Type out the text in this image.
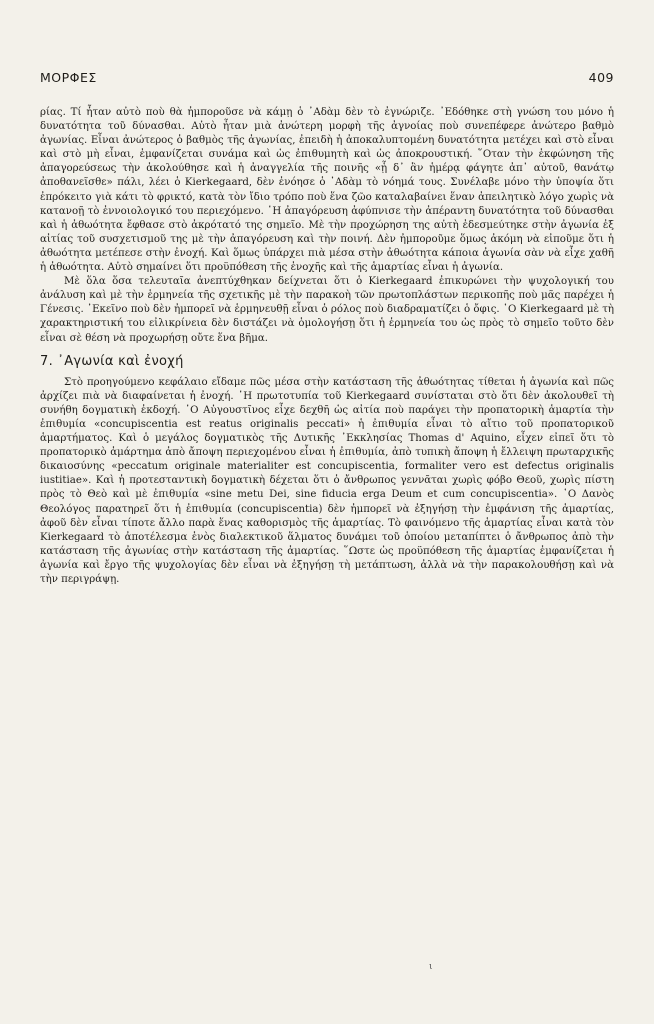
ΜΟΡΦΕΣ	409

ρίας. Τί ἦταν αὐτὸ ποὺ θὰ ἠμποροῦσε νὰ κάμῃ ὁ ᾿Αδὰμ δὲν τὸ ἐγνώριζε. ᾿Εδόθηκε στὴ γνώση του μόνο ἡ δυνατότητα τοῦ δύνασθαι. Αὐτὸ ἦταν μιὰ ἀνώτερη μορφὴ τῆς ἀγνοίας ποὺ συνεπέφερε ἀνώτερο βαθμὸ ἀγωνίας. Εἶναι ἀνώτερος ὁ βαθμὸς τῆς ἀγωνίας, ἐπειδὴ ἡ ἀποκαλυπτομένη δυνατότητα μετέχει καὶ στὸ εἶναι καὶ στὸ μὴ εἶναι, ἐμφανίζεται συνάμα καὶ ὡς ἐπιθυμητὴ καὶ ὡς ἀποκρουστική. ῞Οταν τὴν ἐκφώνηση τῆς ἀπαγορεύσεως τὴν ἀκολούθησε καὶ ἡ ἀναγγελία τῆς ποινῆς «ᾗ δ᾿ ἂν ἡμέρᾳ φάγητε ἀπ᾿ αὐτοῦ, θανάτῳ ἀποθανεῖσθε» πάλι, λέει ὁ Kierkegaard, δὲν ἐνόησε ὁ ᾿Αδὰμ τὸ νόημά τους. Συνέλαβε μόνο τὴν ὑποψία ὅτι ἐπρόκειτο γιὰ κάτι τὸ φρικτό, κατὰ τὸν ἴδιο τρόπο ποὺ ἕνα ζῶο καταλαβαίνει ἕναν ἀπειλητικὸ λόγο χωρὶς νὰ κατανοῇ τὸ ἐννοιολογικό του περιεχόμενο. ῾Η ἀπαγόρευση ἀφύπνισε τὴν ἀπέραντη δυνατότητα τοῦ δύνασθαι καὶ ἡ ἀθωότητα ἔφθασε στὸ ἀκρότατό της σημεῖο. Μὲ τὴν προχώρηση της αὐτὴ ἐδεσμεύτηκε στὴν ἀγωνία ἐξ αἰτίας τοῦ συσχετισμοῦ της μὲ τὴν ἀπαγόρευση καὶ τὴν ποινή. Δὲν ἠμποροῦμε ὅμως ἀκόμη νὰ εἰποῦμε ὅτι ἡ ἀθωότητα μετέπεσε στὴν ἐνοχή. Καὶ ὅμως ὑπάρχει πιὰ μέσα στὴν ἀθωότητα κάποια ἀγωνία σὰν νὰ εἶχε χαθῆ ἡ ἀθωότητα. Αὐτὸ σημαίνει ὅτι προϋπόθεση τῆς ἐνοχῆς καὶ τῆς ἁμαρτίας εἶναι ἡ ἀγωνία.

Μὲ ὅλα ὅσα τελευταῖα ἀνεπτύχθηκαν δείχνεται ὅτι ὁ Kierkegaard ἐπικυρώνει τὴν ψυχολογική του ἀνάλυση καὶ μὲ τὴν ἑρμηνεία τῆς σχετικῆς μὲ τὴν παρακοὴ τῶν πρωτοπλάστων περικοπῆς ποὺ μᾶς παρέχει ἡ Γένεσις. ᾿Εκεῖνο ποὺ δὲν ἠμπορεῖ νὰ ἑρμηνευθῇ εἶναι ὁ ρόλος ποὺ διαδραματίζει ὁ ὄφις. ῾Ο Kierkegaard μὲ τὴ χαρακτηριστική του εἰλικρίνεια δὲν διστάζει νὰ ὁμολογήσῃ ὅτι ἡ ἑρμηνεία του ὡς πρὸς τὸ σημεῖο τοῦτο δὲν εἶναι σὲ θέση νὰ προχωρήσῃ οὔτε ἕνα βῆμα.

7. ᾿Αγωνία καὶ ἐνοχή

Στὸ προηγούμενο κεφάλαιο εἴδαμε πῶς μέσα στὴν κατάσταση τῆς ἀθωότητας τίθεται ἡ ἀγωνία καὶ πῶς ἀρχίζει πιὰ νὰ διαφαίνεται ἡ ἐνοχή. ῾Η πρωτοτυπία τοῦ Kierkegaard συνίσταται στὸ ὅτι δὲν ἀκολουθεῖ τὴ συνήθη δογματικὴ ἐκδοχή. ῾Ο Αὐγουστῖνος εἶχε δεχθῆ ὡς αἰτία ποὺ παράγει τὴν προπατορικὴ ἁμαρτία τὴν ἐπιθυμία «concupiscentia est reatus originalis peccati» ἡ ἐπιθυμία εἶναι τὸ αἴτιο τοῦ προπατορικοῦ ἁμαρτήματος. Καὶ ὁ μεγάλος δογματικὸς τῆς Δυτικῆς ᾿Εκκλησίας Thomas d' Aquino, εἶχεν εἰπεῖ ὅτι τὸ προπατορικὸ ἁμάρτημα ἀπὸ ἄποψη περιεχομένου εἶναι ἡ ἐπιθυμία, ἀπὸ τυπικὴ ἄποψη ἡ ἔλλειψη πρωταρχικῆς δικαιοσύνης «peccatum originale materialiter est concupiscentia, formaliter vero est defectus originalis iustitiae». Καὶ ἡ προτεσταντικὴ δογματικὴ δέχεται ὅτι ὁ ἄνθρωπος γεννᾶται χωρὶς φόβο Θεοῦ, χωρὶς πίστη πρὸς τὸ Θεὸ καὶ μὲ ἐπιθυμία «sine metu Dei, sine fiducia erga Deum et cum concupiscentia». ῾Ο Δανὸς Θεολόγος παρατηρεῖ ὅτι ἡ ἐπιθυμία (concupiscentia) δὲν ἠμπορεῖ νὰ ἐξηγήσῃ τὴν ἐμφάνιση τῆς ἁμαρτίας, ἀφοῦ δὲν εἶναι τίποτε ἄλλο παρὰ ἕνας καθορισμὸς τῆς ἁμαρτίας. Τὸ φαινόμενο τῆς ἁμαρτίας εἶναι κατὰ τὸν Kierkegaard τὸ ἀποτέλεσμα ἑνὸς διαλεκτικοῦ ἅλματος δυνάμει τοῦ ὁποίου μεταπίπτει ὁ ἄνθρωπος ἀπὸ τὴν κατάσταση τῆς ἀγωνίας στὴν κατάσταση τῆς ἁμαρτίας. ῞Ωστε ὡς προϋπόθεση τῆς ἁμαρτίας ἐμφανίζεται ἡ ἀγωνία καὶ ἔργο τῆς ψυχολογίας δὲν εἶναι νὰ ἐξηγήσῃ τὴ μετάπτωση, ἀλλὰ νὰ τὴν παρακολουθήσῃ καὶ νὰ τὴν περιγράψῃ.

ι
